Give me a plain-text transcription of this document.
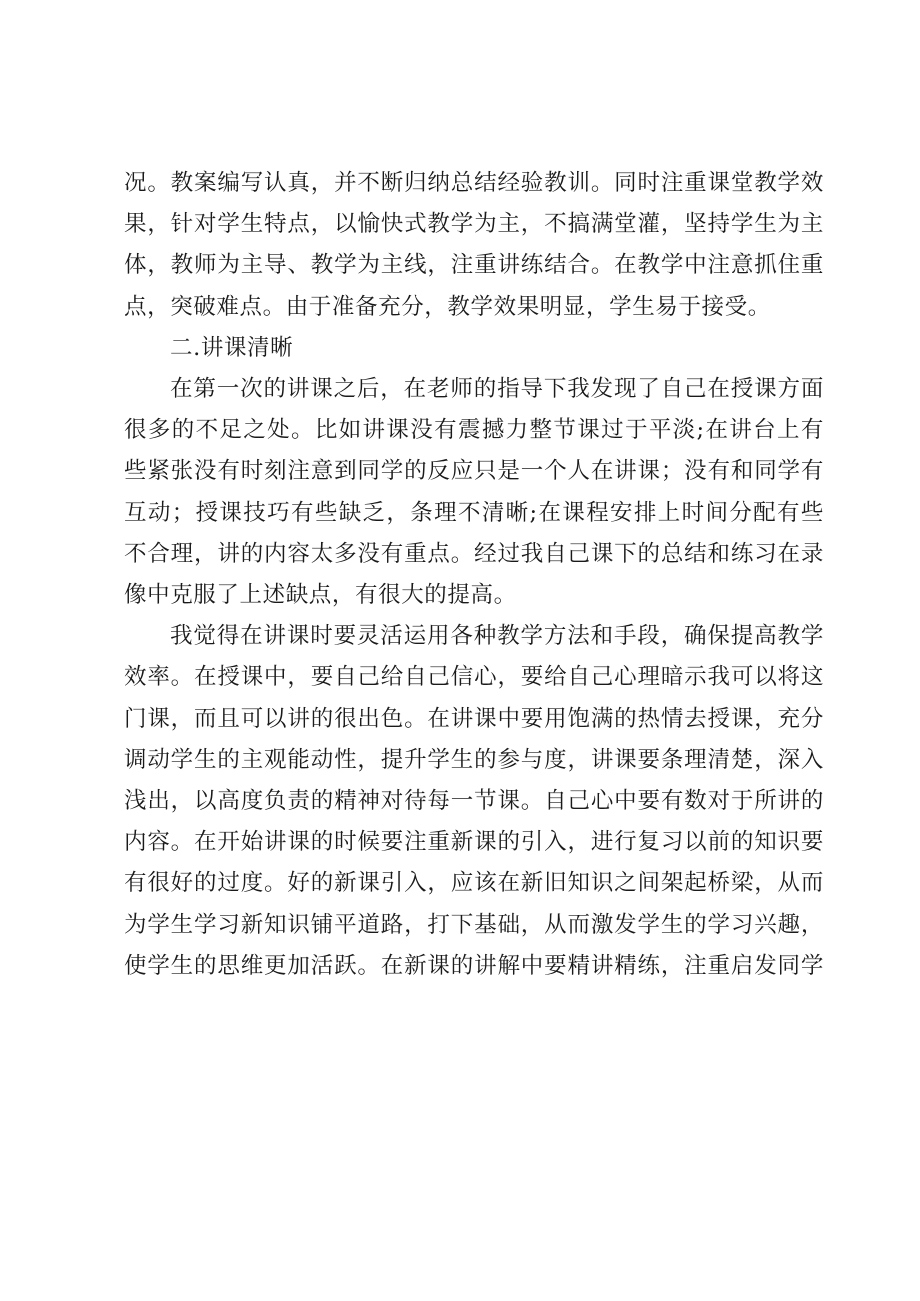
况。教案编写认真，并不断归纳总结经验教训。同时注重课堂教学效
果，针对学生特点，以愉快式教学为主，不搞满堂灌，坚持学生为主
体，教师为主导、教学为主线，注重讲练结合。在教学中注意抓住重
点，突破难点。由于准备充分，教学效果明显，学生易于接受。
二.讲课清晰
在第一次的讲课之后，在老师的指导下我发现了自己在授课方面
很多的不足之处。比如讲课没有震撼力整节课过于平淡;在讲台上有
些紧张没有时刻注意到同学的反应只是一个人在讲课；没有和同学有
互动；授课技巧有些缺乏，条理不清晰;在课程安排上时间分配有些
不合理，讲的内容太多没有重点。经过我自己课下的总结和练习在录
像中克服了上述缺点，有很大的提高。
我觉得在讲课时要灵活运用各种教学方法和手段，确保提高教学
效率。在授课中，要自己给自己信心，要给自己心理暗示我可以将这
门课，而且可以讲的很出色。在讲课中要用饱满的热情去授课，充分
调动学生的主观能动性，提升学生的参与度，讲课要条理清楚，深入
浅出，以高度负责的精神对待每一节课。自己心中要有数对于所讲的
内容。在开始讲课的时候要注重新课的引入，进行复习以前的知识要
有很好的过度。好的新课引入，应该在新旧知识之间架起桥梁，从而
为学生学习新知识铺平道路，打下基础，从而激发学生的学习兴趣，
使学生的思维更加活跃。在新课的讲解中要精讲精练，注重启发同学
